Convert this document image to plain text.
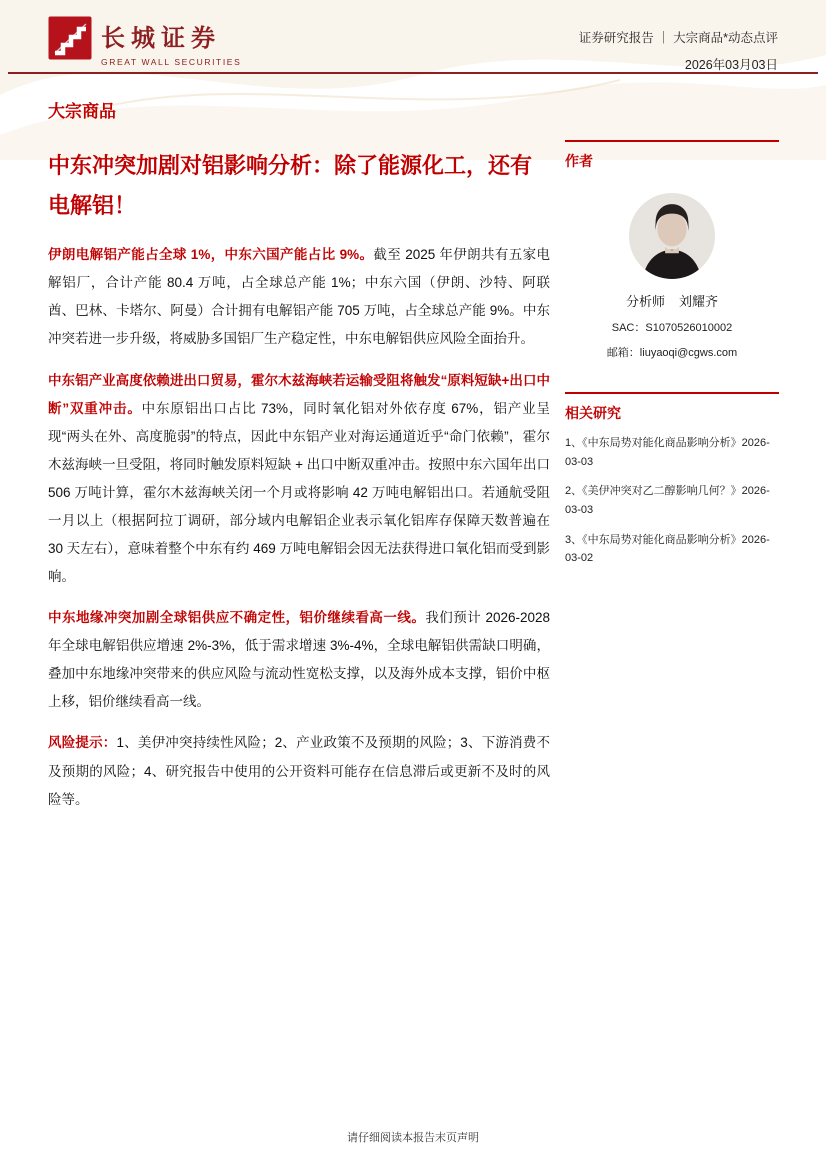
长城证券
GREAT WALL SECURITIES
证券研究报告 ｜ 大宗商品*动态点评
2026年03月03日
大宗商品
中东冲突加剧对铝影响分析：除了能源化工，还有电解铝！

伊朗电解铝产能占全球 1%，中东六国产能占比 9%。截至 2025 年伊朗共有五家电解铝厂，合计产能 80.4 万吨，占全球总产能 1%；中东六国（伊朗、沙特、阿联酋、巴林、卡塔尔、阿曼）合计拥有电解铝产能 705 万吨，占全球总产能 9%。中东冲突若进一步升级，将威胁多国铝厂生产稳定性，中东电解铝供应风险全面抬升。

中东铝产业高度依赖进出口贸易，霍尔木兹海峡若运输受阻将触发“原料短缺+出口中断”双重冲击。中东原铝出口占比 73%，同时氧化铝对外依存度 67%，铝产业呈现“两头在外、高度脆弱”的特点，因此中东铝产业对海运通道近乎“命门依赖”，霍尔木兹海峡一旦受阻，将同时触发原料短缺 + 出口中断双重冲击。按照中东六国年出口 506 万吨计算，霍尔木兹海峡关闭一个月或将影响 42 万吨电解铝出口。若通航受阻一月以上（根据阿拉丁调研，部分域内电解铝企业表示氧化铝库存保障天数普遍在 30 天左右），意味着整个中东有约 469 万吨电解铝会因无法获得进口氧化铝而受到影响。

中东地缘冲突加剧全球铝供应不确定性，铝价继续看高一线。我们预计 2026-2028 年全球电解铝供应增速 2%-3%，低于需求增速 3%-4%，全球电解铝供需缺口明确，叠加中东地缘冲突带来的供应风险与流动性宽松支撑，以及海外成本支撑，铝价中枢上移，铝价继续看高一线。

风险提示：1、美伊冲突持续性风险；2、产业政策不及预期的风险；3、下游消费不及预期的风险；4、研究报告中使用的公开资料可能存在信息滞后或更新不及时的风险等。

作者
分析师 刘耀齐
SAC：S1070526010002
邮箱：liuyaoqi@cgws.com
相关研究
1、《中东局势对能化商品影响分析》2026-03-03
2、《美伊冲突对乙二醇影响几何？》2026-03-03
3、《中东局势对能化商品影响分析》2026-03-02
请仔细阅读本报告末页声明
